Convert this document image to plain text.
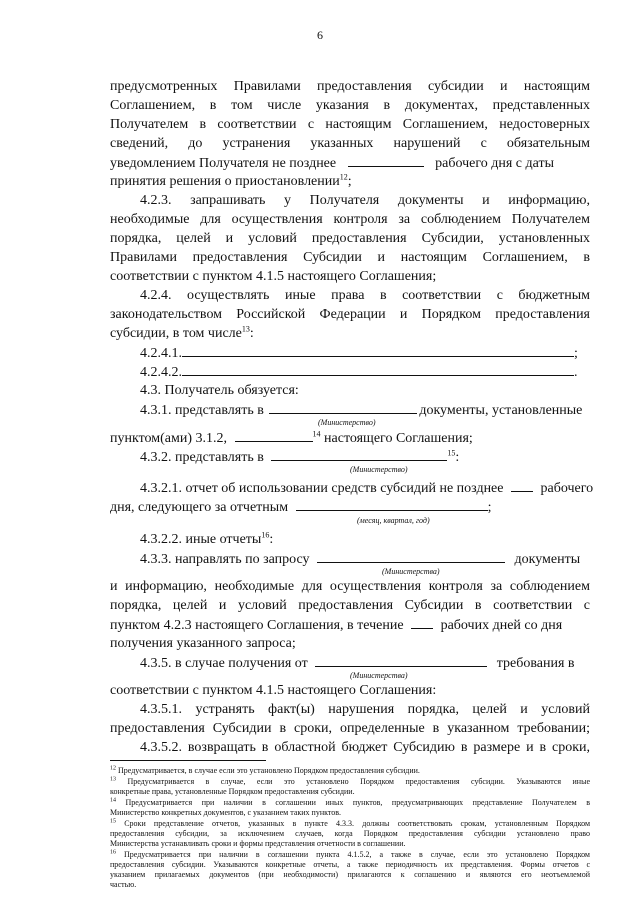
6
предусмотренных Правилами предоставления субсидии и настоящим
Соглашением, в том числе указания в документах, представленных
Получателем в соответствии с настоящим Соглашением, недостоверных
сведений, до устранения указанных нарушений с обязательным
уведомлением Получателя не позднее	рабочего дня с даты
принятия решения о приостановлении$^{12}$;
4.2.3. запрашивать у Получателя документы и информацию,
необходимые для осуществления контроля за соблюдением Получателем
порядка, целей и условий предоставления Субсидии, установленных
Правилами предоставления Субсидии и настоящим Соглашением, в
соответствии с пунктом 4.1.5 настоящего Соглашения;
4.2.4. осуществлять иные права в соответствии с бюджетным
законодательством Российской Федерации и Порядком предоставления
субсидии, в том числе$^{13}$:
4.2.4.1.	;
4.2.4.2.	.
4.3. Получатель обязуется:
4.3.1. представлять в	документы, установленные
(Министерство)
пунктом(ами) 3.1.2,	$^{14}$ настоящего Соглашения;
4.3.2. представлять в	$^{15}$:
(Министерство)
4.3.2.1. отчет об использовании средств субсидий не позднее	рабочего
дня, следующего за отчетным	;
(месяц, квартал, год)
4.3.2.2. иные отчеты$^{16}$:
4.3.3. направлять по запросу	документы
(Министерства)
и информацию, необходимые для осуществления контроля за соблюдением
порядка, целей и условий предоставления Субсидии в соответствии с
пунктом 4.2.3 настоящего Соглашения, в течение	рабочих дней со дня
получения указанного запроса;
4.3.5. в случае получения от	требования в
(Министерства)
соответствии с пунктом 4.1.5 настоящего Соглашения:
4.3.5.1. устранять факт(ы) нарушения порядка, целей и условий
предоставления Субсидии в сроки, определенные в указанном требовании;
4.3.5.2. возвращать в областной бюджет Субсидию в размере и в сроки,
$^{12}$ Предусматривается, в случае если это установлено Порядком предоставления субсидии.
$^{13}$ Предусматривается в случае, если это установлено Порядком предоставления субсидии. Указываются иные
конкретные права, установленные Порядком предоставления субсидии.
$^{14}$ Предусматривается при наличии в соглашении иных пунктов, предусматривающих представление Получателем в
Министерство конкретных документов, с указанием таких пунктов.
$^{15}$ Сроки представление отчетов, указанных в пункте 4.3.3. должны соответствовать срокам, установленным Порядком
предоставления субсидии, за исключением случаев, когда Порядком предоставления субсидии установлено право
Министерства устанавливать сроки и формы представления отчетности в соглашении.
$^{16}$ Предусматривается при наличии в соглашении пункта 4.1.5.2, а также в случае, если это установлено Порядком
предоставления субсидии. Указываются конкретные отчеты, а также периодичность их представления. Формы отчетов с
указанием прилагаемых документов (при необходимости) прилагаются к соглашению и являются его неотъемлемой
частью.
